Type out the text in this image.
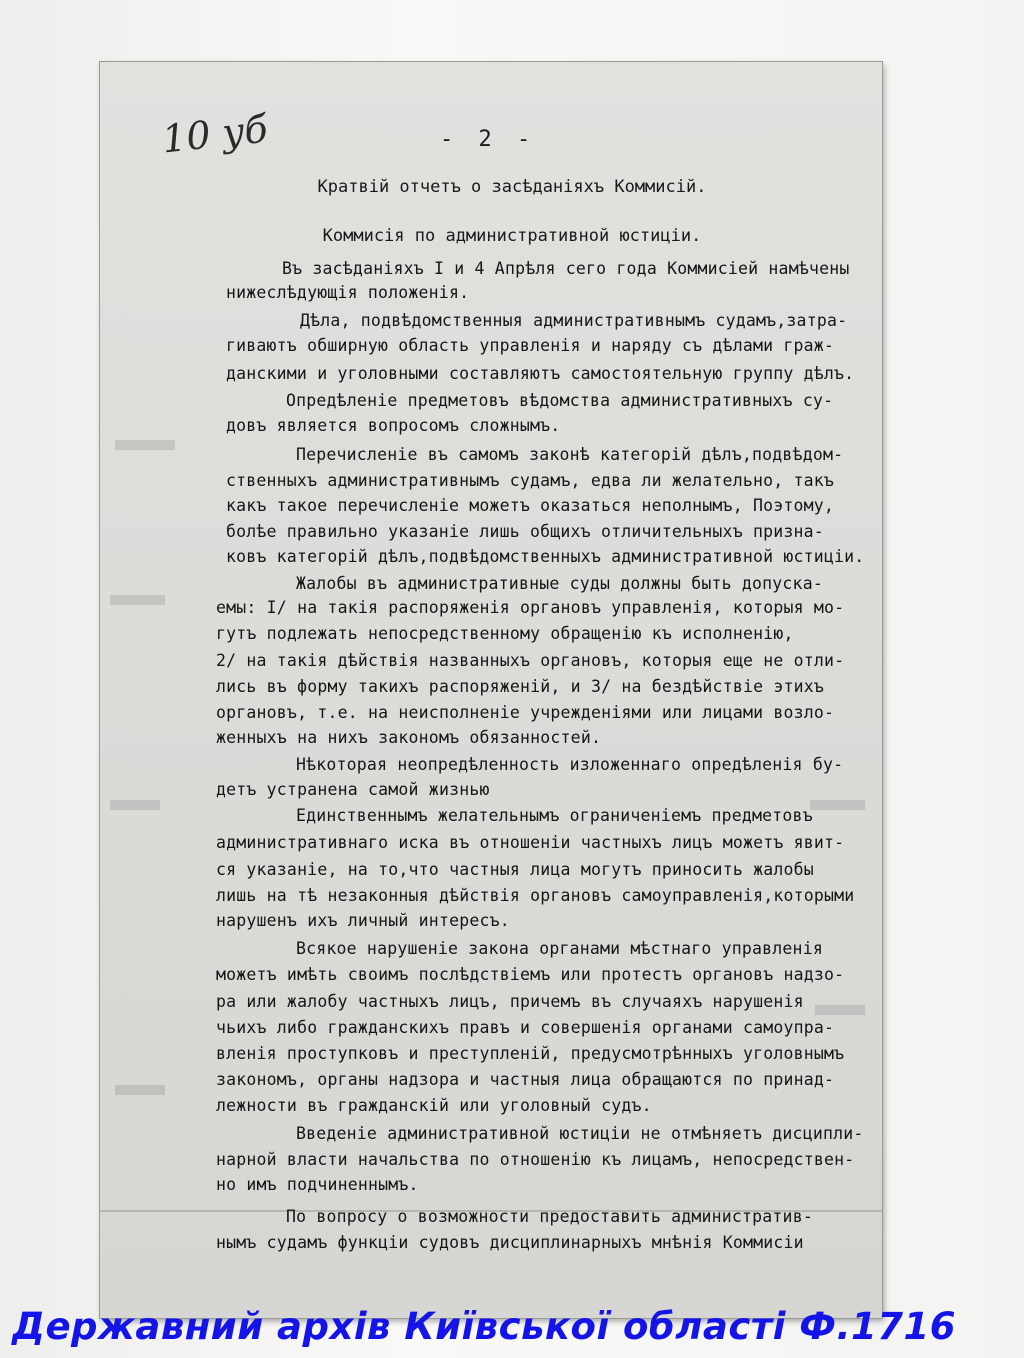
10 уб	- 2 -
Кратвій отчетъ о засѣданіяхъ Коммисій.
Коммисія по административной юстиціи.
Въ засѣданіяхъ I и 4 Апрѣля сего года Коммисіей намѣчены
нижеслѣдующія положенія.
Дѣла, подвѣдомственныя административнымъ судамъ,затра-
гиваютъ обширную область управленія и наряду съ дѣлами граж-
данскими и уголовными составляютъ самостоятельную группу дѣлъ.
Опредѣленіе предметовъ вѣдомства административныхъ су-
довъ является вопросомъ сложнымъ.
Перечисленіе въ самомъ законѣ категорій дѣлъ,подвѣдом-
ственныхъ административнымъ судамъ, едва ли желательно, такъ
какъ такое перечисленіе можетъ оказаться неполнымъ, Поэтому,
болѣе правильно указаніе лишь общихъ отличительныхъ призна-
ковъ категорій дѣлъ,подвѣдомственныхъ административной юстиціи.
Жалобы въ административные суды должны быть допуска-
емы: I/ на такія распоряженія органовъ управленія, которыя мо-
гутъ подлежать непосредственному обращенію къ исполненію,
2/ на такія дѣйствія названныхъ органовъ, которыя еще не отли-
лись въ форму такихъ распоряженій, и 3/ на бездѣйствіе этихъ
органовъ, т.е. на неисполненіе учрежденіями или лицами возло-
женныхъ на нихъ закономъ обязанностей.
Нѣкоторая неопредѣленность изложеннаго опредѣленія бу-
детъ устранена самой жизнью
Единственнымъ желательнымъ ограниченіемъ предметовъ
административнаго иска въ отношеніи частныхъ лицъ можетъ явит-
ся указаніе, на то,что частныя лица могутъ приносить жалобы
лишь на тѣ незаконныя дѣйствія органовъ самоуправленія,которыми
нарушенъ ихъ личный интересъ.
Всякое нарушеніе закона органами мѣстнаго управленія
можетъ имѣть своимъ послѣдствіемъ или протестъ органовъ надзо-
ра или жалобу частныхъ лицъ, причемъ въ случаяхъ нарушенія
чьихъ либо гражданскихъ правъ и совершенія органами самоупра-
вленія проступковъ и преступленій, предусмотрѣнныхъ уголовнымъ
закономъ, органы надзора и частныя лица обращаются по принад-
лежности въ гражданскій или уголовный судъ.
Введеніе административной юстиціи не отмѣняетъ дисципли-
нарной власти начальства по отношенію къ лицамъ, непосредствен-
но имъ подчиненнымъ.
По вопросу о возможности предоставить административ-
нымъ судамъ функціи судовъ дисциплинарныхъ мнѣнія Коммисіи
Державний архів Київської області Ф.1716
